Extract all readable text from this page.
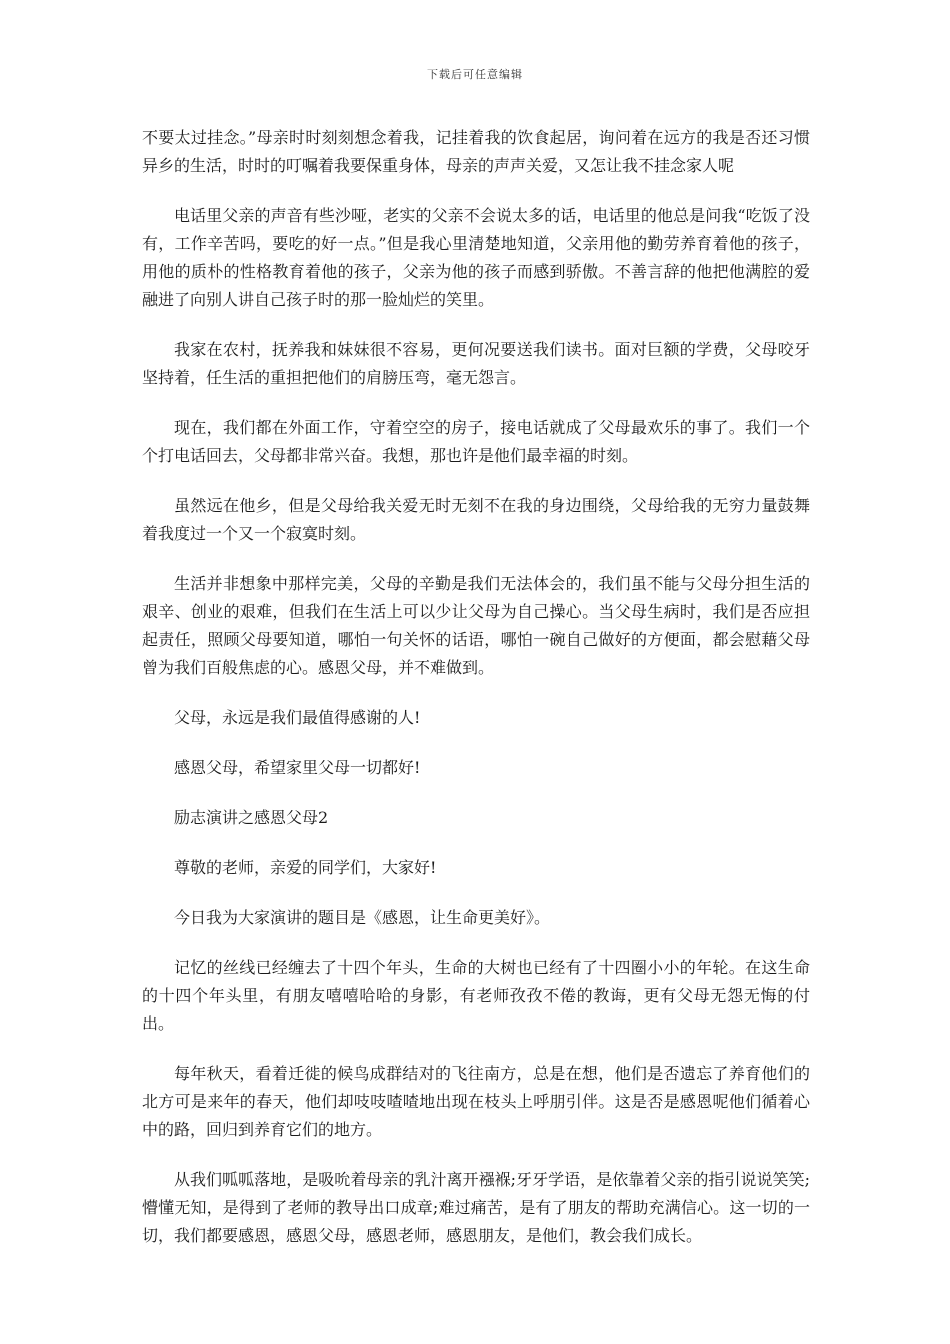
下载后可任意编辑

不要太过挂念。”母亲时时刻刻想念着我，记挂着我的饮食起居，询问着在远方的我是否还习惯异乡的生活，时时的叮嘱着我要保重身体，母亲的声声关爱，又怎让我不挂念家人呢

电话里父亲的声音有些沙哑，老实的父亲不会说太多的话，电话里的他总是问我“吃饭了没有，工作辛苦吗，要吃的好一点。”但是我心里清楚地知道，父亲用他的勤劳养育着他的孩子，用他的质朴的性格教育着他的孩子，父亲为他的孩子而感到骄傲。不善言辞的他把他满腔的爱融进了向别人讲自己孩子时的那一脸灿烂的笑里。

我家在农村，抚养我和妹妹很不容易，更何况要送我们读书。面对巨额的学费，父母咬牙坚持着，任生活的重担把他们的肩膀压弯，毫无怨言。

现在，我们都在外面工作，守着空空的房子，接电话就成了父母最欢乐的事了。我们一个个打电话回去，父母都非常兴奋。我想，那也许是他们最幸福的时刻。

虽然远在他乡，但是父母给我关爱无时无刻不在我的身边围绕，父母给我的无穷力量鼓舞着我度过一个又一个寂寞时刻。

生活并非想象中那样完美，父母的辛勤是我们无法体会的，我们虽不能与父母分担生活的艰辛、创业的艰难，但我们在生活上可以少让父母为自己操心。当父母生病时，我们是否应担起责任，照顾父母要知道，哪怕一句关怀的话语，哪怕一碗自己做好的方便面，都会慰藉父母曾为我们百般焦虑的心。感恩父母，并不难做到。

父母，永远是我们最值得感谢的人!

感恩父母，希望家里父母一切都好!

励志演讲之感恩父母2

尊敬的老师，亲爱的同学们，大家好!

今日我为大家演讲的题目是《感恩，让生命更美好》。

记忆的丝线已经缠去了十四个年头，生命的大树也已经有了十四圈小小的年轮。在这生命的十四个年头里，有朋友嘻嘻哈哈的身影，有老师孜孜不倦的教诲，更有父母无怨无悔的付出。

每年秋天，看着迁徙的候鸟成群结对的飞往南方，总是在想，他们是否遗忘了养育他们的北方可是来年的春天，他们却吱吱喳喳地出现在枝头上呼朋引伴。这是否是感恩呢他们循着心中的路，回归到养育它们的地方。

从我们呱呱落地，是吸吮着母亲的乳汁离开襁褓;牙牙学语，是依靠着父亲的指引说说笑笑;懵懂无知，是得到了老师的教导出口成章;难过痛苦，是有了朋友的帮助充满信心。这一切的一切，我们都要感恩，感恩父母，感恩老师，感恩朋友，是他们，教会我们成长。
